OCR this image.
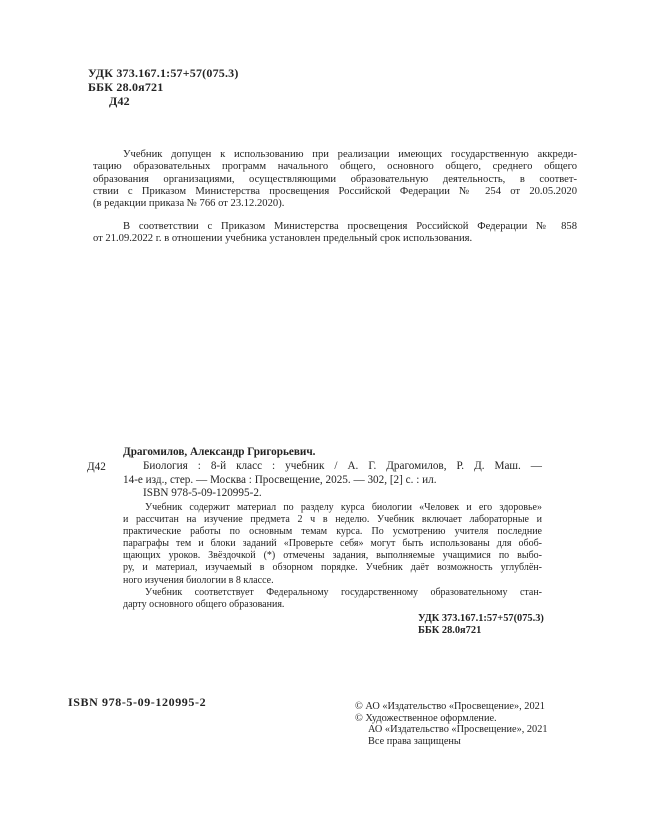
УДК 373.167.1:57+57(075.3)
ББК 28.0я721
Д42
Учебник допущен к использованию при реализации имеющих государственную аккреди-
тацию образовательных программ начального общего, основного общего, среднего общего
образования организациями, осуществляющими образовательную деятельность, в соответ-
ствии с Приказом Министерства просвещения Российской Федерации № 254 от 20.05.2020
(в редакции приказа № 766 от 23.12.2020).
В соответствии с Приказом Министерства просвещения Российской Федерации № 858
от 21.09.2022 г. в отношении учебника установлен предельный срок использования.
Д42
Драгомилов, Александр Григорьевич.
Биология : 8-й класс : учебник / А. Г. Драгомилов, Р. Д. Маш. —
14-е изд., стер. — Москва : Просвещение, 2025. — 302, [2] с. : ил.
ISBN 978-5-09-120995-2.
Учебник содержит материал по разделу курса биологии «Человек и его здоровье»
и рассчитан на изучение предмета 2 ч в неделю. Учебник включает лабораторные и
практические работы по основным темам курса. По усмотрению учителя последние
параграфы тем и блоки заданий «Проверьте себя» могут быть использованы для обоб-
щающих уроков. Звёздочкой (*) отмечены задания, выполняемые учащимися по выбо-
ру, и материал, изучаемый в обзорном порядке. Учебник даёт возможность углублён-
ного изучения биологии в 8 классе.
Учебник соответствует Федеральному государственному образовательному стан-
дарту основного общего образования.
УДК 373.167.1:57+57(075.3)
ББК 28.0я721
ISBN 978-5-09-120995-2	© АО «Издательство «Просвещение», 2021
© Художественное оформление.
АО «Издательство «Просвещение», 2021
Все права защищены
